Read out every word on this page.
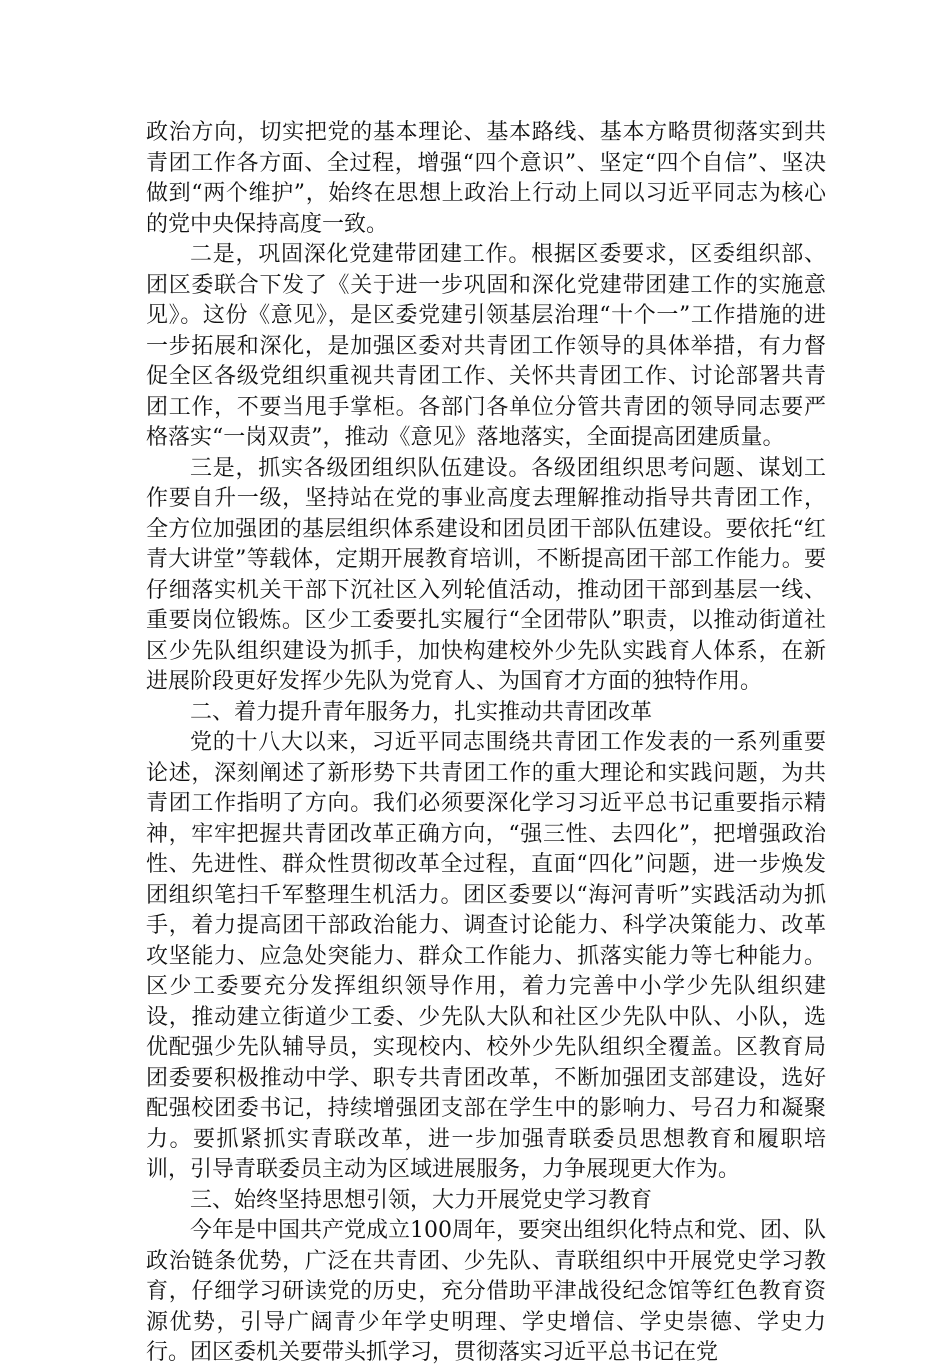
政治方向，切实把党的基本理论、基本路线、基本方略贯彻落实到共青团工作各方面、全过程，增强“四个意识”、坚定“四个自信”、坚决做到“两个维护”，始终在思想上政治上行动上同以习近平同志为核心的党中央保持高度一致。

二是，巩固深化党建带团建工作。根据区委要求，区委组织部、团区委联合下发了《关于进一步巩固和深化党建带团建工作的实施意见》。这份《意见》，是区委党建引领基层治理“十个一”工作措施的进一步拓展和深化，是加强区委对共青团工作领导的具体举措，有力督促全区各级党组织重视共青团工作、关怀共青团工作、讨论部署共青团工作，不要当甩手掌柜。各部门各单位分管共青团的领导同志要严格落实“一岗双责”，推动《意见》落地落实，全面提高团建质量。

三是，抓实各级团组织队伍建设。各级团组织思考问题、谋划工作要自升一级，坚持站在党的事业高度去理解推动指导共青团工作，全方位加强团的基层组织体系建设和团员团干部队伍建设。要依托“红青大讲堂”等载体，定期开展教育培训，不断提高团干部工作能力。要仔细落实机关干部下沉社区入列轮值活动，推动团干部到基层一线、重要岗位锻炼。区少工委要扎实履行“全团带队”职责，以推动街道社区少先队组织建设为抓手，加快构建校外少先队实践育人体系，在新进展阶段更好发挥少先队为党育人、为国育才方面的独特作用。

二、着力提升青年服务力，扎实推动共青团改革

党的十八大以来，习近平同志围绕共青团工作发表的一系列重要论述，深刻阐述了新形势下共青团工作的重大理论和实践问题，为共青团工作指明了方向。我们必须要深化学习习近平总书记重要指示精神，牢牢把握共青团改革正确方向，“强三性、去四化”，把增强政治性、先进性、群众性贯彻改革全过程，直面“四化”问题，进一步焕发团组织笔扫千军整理生机活力。团区委要以“海河青听”实践活动为抓手，着力提高团干部政治能力、调查讨论能力、科学决策能力、改革攻坚能力、应急处突能力、群众工作能力、抓落实能力等七种能力。区少工委要充分发挥组织领导作用，着力完善中小学少先队组织建设，推动建立街道少工委、少先队大队和社区少先队中队、小队，选优配强少先队辅导员，实现校内、校外少先队组织全覆盖。区教育局团委要积极推动中学、职专共青团改革，不断加强团支部建设，选好配强校团委书记，持续增强团支部在学生中的影响力、号召力和凝聚力。要抓紧抓实青联改革，进一步加强青联委员思想教育和履职培训，引导青联委员主动为区域进展服务，力争展现更大作为。

三、始终坚持思想引领，大力开展党史学习教育

今年是中国共产党成立100周年，要突出组织化特点和党、团、队政治链条优势，广泛在共青团、少先队、青联组织中开展党史学习教育，仔细学习研读党的历史，充分借助平津战役纪念馆等红色教育资源优势，引导广阔青少年学史明理、学史增信、学史崇德、学史力行。团区委机关要带头抓学习，贯彻落实习近平总书记在党
